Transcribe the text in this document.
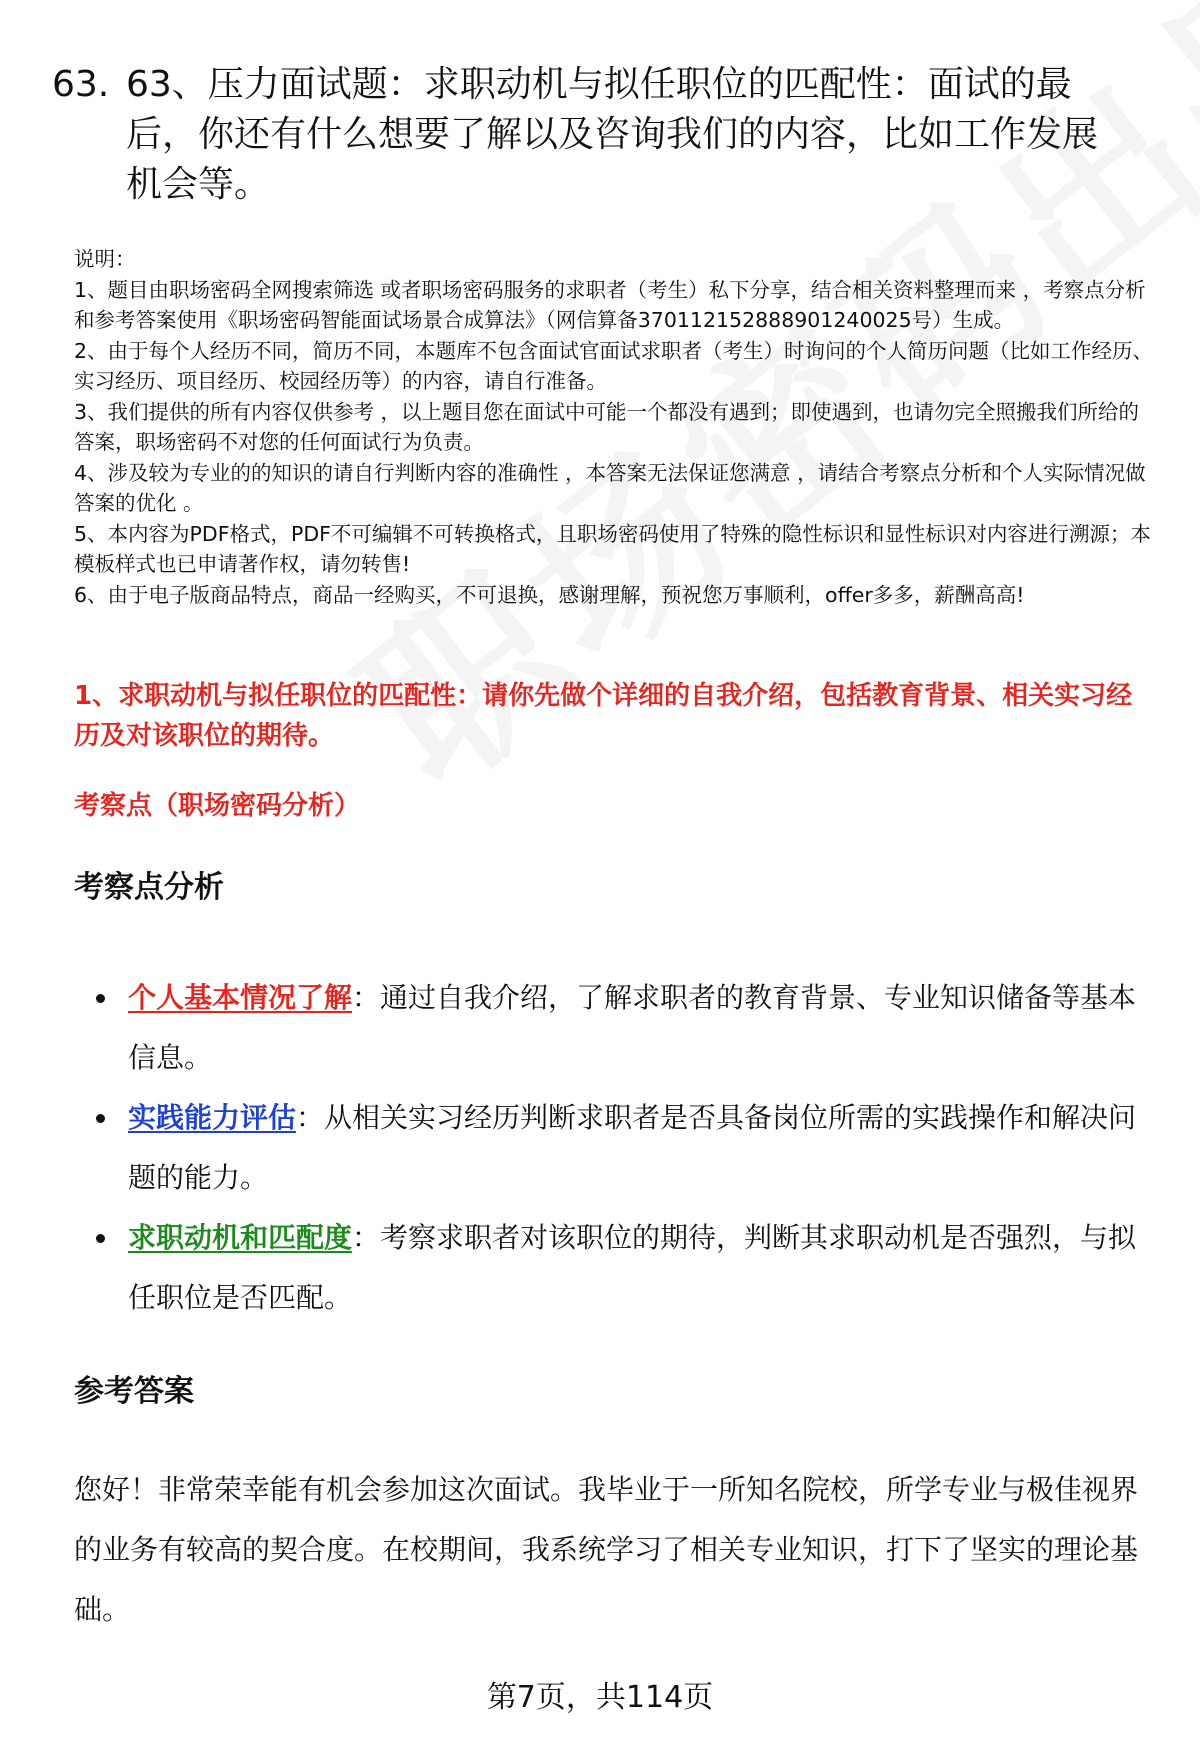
63. 63、压力面试题：求职动机与拟任职位的匹配性：面试的最后，你还有什么想要了解以及咨询我们的内容，比如工作发展机会等。

说明：

1、题目由职场密码全网搜索筛选 或者职场密码服务的求职者（考生）私下分享，结合相关资料整理而来 ，考察点分析和参考答案使用《职场密码智能面试场景合成算法》（网信算备370112152888901240025号）生成。

2、由于每个人经历不同，简历不同，本题库不包含面试官面试求职者（考生）时询问的个人简历问题（比如工作经历、实习经历、项目经历、校园经历等）的内容，请自行准备。

3、我们提供的所有内容仅供参考 ，以上题目您在面试中可能一个都没有遇到；即使遇到，也请勿完全照搬我们所给的答案，职场密码不对您的任何面试行为负责。

4、涉及较为专业的的知识的请自行判断内容的准确性 ，本答案无法保证您满意 ，请结合考察点分析和个人实际情况做答案的优化 。

5、本内容为PDF格式，PDF不可编辑不可转换格式，且职场密码使用了特殊的隐性标识和显性标识对内容进行溯源；本模板样式也已申请著作权，请勿转售!

6、由于电子版商品特点，商品一经购买，不可退换，感谢理解，预祝您万事顺利，offer多多，薪酬高高!

1、求职动机与拟任职位的匹配性：请你先做个详细的自我介绍，包括教育背景、相关实习经历及对该职位的期待。
考察点（职场密码分析）
考察点分析
个人基本情况了解：通过自我介绍，了解求职者的教育背景、专业知识储备等基本信息。
实践能力评估：从相关实习经历判断求职者是否具备岗位所需的实践操作和解决问题的能力。
求职动机和匹配度：考察求职者对该职位的期待，判断其求职动机是否强烈，与拟任职位是否匹配。
参考答案

您好！非常荣幸能有机会参加这次面试。我毕业于一所知名院校，所学专业与极佳视界的业务有较高的契合度。在校期间，我系统学习了相关专业知识，打下了坚实的理论基础。

第7页，共114页
